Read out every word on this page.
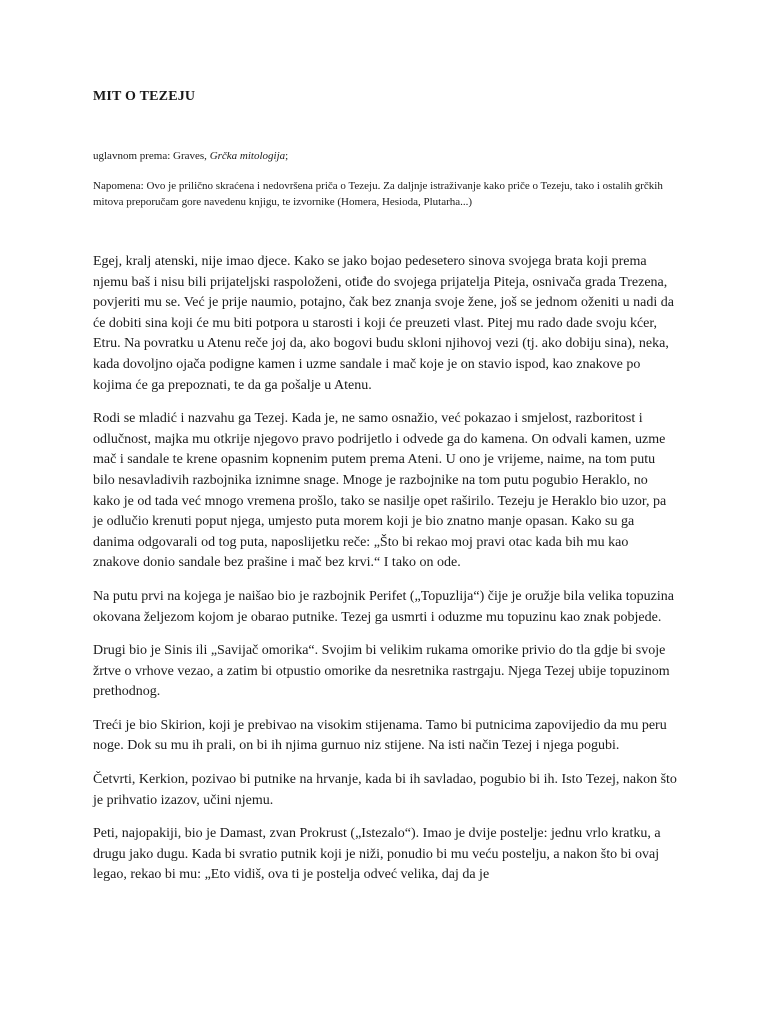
MIT O TEZEJU

uglavnom prema: Graves, Grčka mitologija;

Napomena: Ovo je prilično skraćena i nedovršena priča o Tezeju. Za daljnje istraživanje kako priče o Tezeju, tako i ostalih grčkih mitova preporučam gore navedenu knjigu, te izvornike (Homera, Hesioda, Plutarha...)

Egej, kralj atenski, nije imao djece. Kako se jako bojao pedesetero sinova svojega brata koji prema njemu baš i nisu bili prijateljski raspoloženi, otiđe do svojega prijatelja Piteja, osnivača grada Trezena, povjeriti mu se. Već je prije naumio, potajno, čak bez znanja svoje žene, još se jednom oženiti u nadi da će dobiti sina koji će mu biti potpora u starosti i koji će preuzeti vlast. Pitej mu rado dade svoju kćer, Etru. Na povratku u Atenu reče joj da, ako bogovi budu skloni njihovoj vezi (tj. ako dobiju sina), neka, kada dovoljno ojača podigne kamen i uzme sandale i mač koje je on stavio ispod, kao znakove po kojima će ga prepoznati, te da ga pošalje u Atenu.

Rodi se mladić i nazvahu ga Tezej. Kada je, ne samo osnažio, već pokazao i smjelost, razboritost i odlučnost, majka mu otkrije njegovo pravo podrijetlo i odvede ga do kamena. On odvali kamen, uzme mač i sandale te krene opasnim kopnenim putem prema Ateni. U ono je vrijeme, naime, na tom putu bilo nesavladivih razbojnika iznimne snage. Mnoge je razbojnike na tom putu pogubio Heraklo, no kako je od tada već mnogo vremena prošlo, tako se nasilje opet raširilo. Tezeju je Heraklo bio uzor, pa je odlučio krenuti poput njega, umjesto puta morem koji je bio znatno manje opasan. Kako su ga danima odgovarali od tog puta, naposlijetku reče: „Što bi rekao moj pravi otac kada bih mu kao znakove donio sandale bez prašine i mač bez krvi.“ I tako on ode.

Na putu prvi na kojega je naišao bio je razbojnik Perifet („Topuzlija“) čije je oružje bila velika topuzina okovana željezom kojom je obarao putnike. Tezej ga usmrti i oduzme mu topuzinu kao znak pobjede.

Drugi bio je Sinis ili „Savijač omorika“. Svojim bi velikim rukama omorike privio do tla gdje bi svoje žrtve o vrhove vezao, a zatim bi otpustio omorike da nesretnika rastrgaju. Njega Tezej ubije topuzinom prethodnog.

Treći je bio Skirion, koji je prebivao na visokim stijenama. Tamo bi putnicima zapovijedio da mu peru noge. Dok su mu ih prali, on bi ih njima gurnuo niz stijene. Na isti način Tezej i njega pogubi.

Četvrti, Kerkion, pozivao bi putnike na hrvanje, kada bi ih savladao, pogubio bi ih. Isto Tezej, nakon što je prihvatio izazov, učini njemu.

Peti, najopakiji, bio je Damast, zvan Prokrust („Istezalo“). Imao je dvije postelje: jednu vrlo kratku, a drugu jako dugu. Kada bi svratio putnik koji je niži, ponudio bi mu veću postelju, a nakon što bi ovaj legao, rekao bi mu: „Eto vidiš, ova ti je postelja odveć velika, daj da je
